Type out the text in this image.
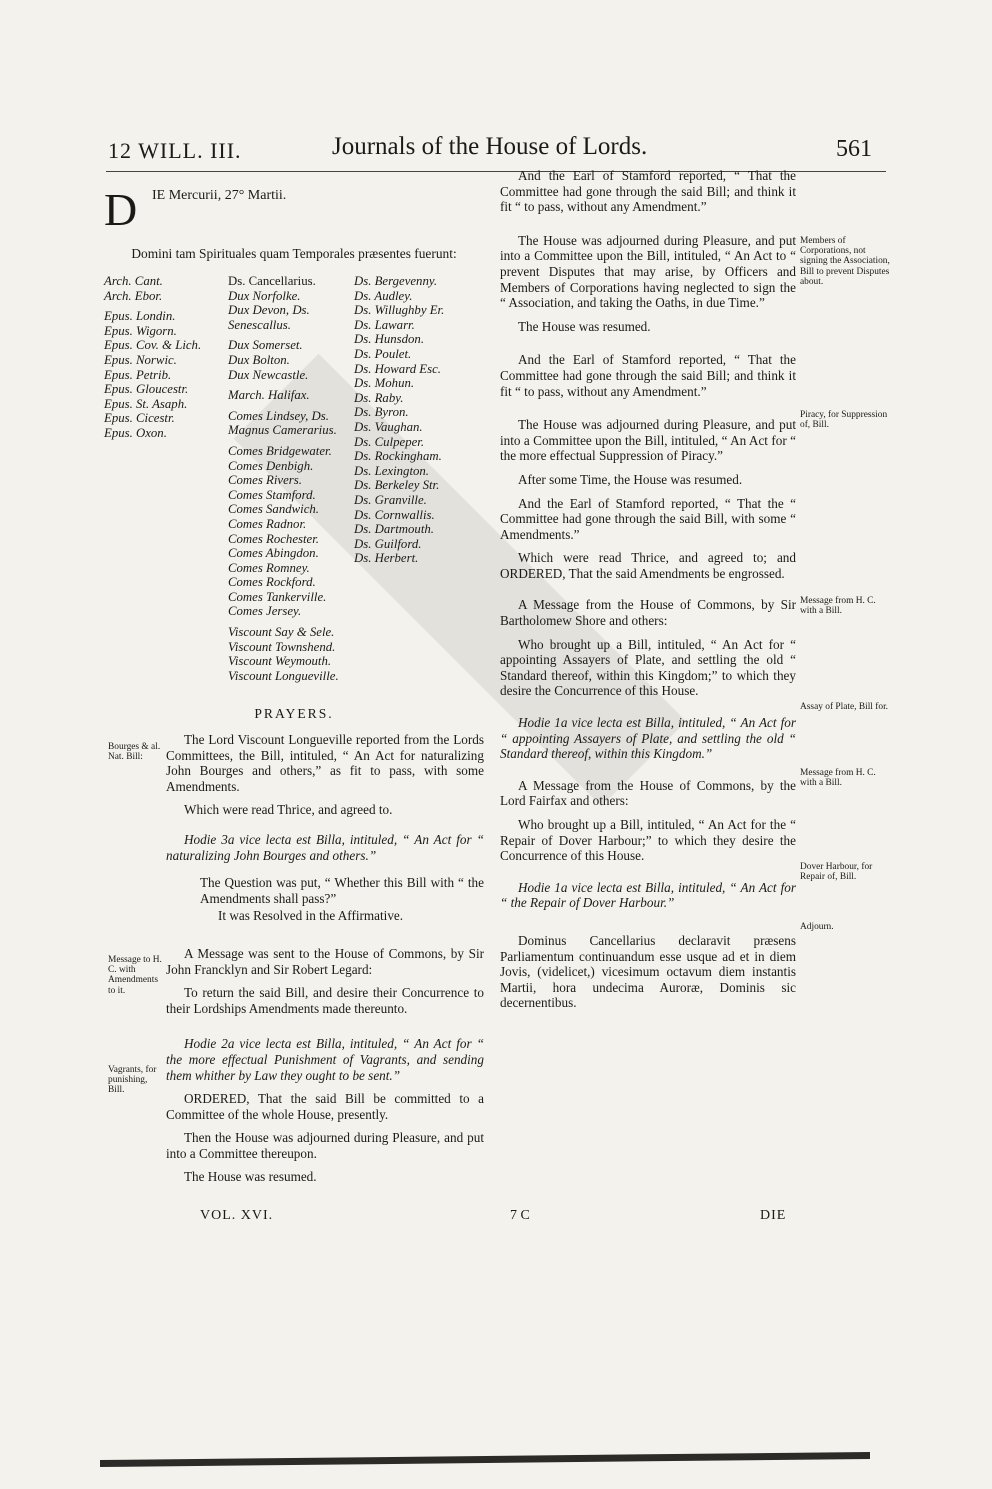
12 WILL. III.	Journals of the House of Lords.	561
D IE Mercurii, 27° Martii.
Domini tam Spirituales quam Temporales præsentes fuerunt:
Arch. Cant.
Arch. Ebor.
Epus. Londin.
Epus. Wigorn.
Epus. Cov. & Lich.
Epus. Norwic.
Epus. Petrib.
Epus. Gloucestr.
Epus. St. Asaph.
Epus. Cicestr.
Epus. Oxon.
Ds. Cancellarius.
Dux Norfolke.
Dux Devon, Ds. Senescallus.
Dux Somerset.
Dux Bolton.
Dux Newcastle.
March. Halifax.
Comes Lindsey, Ds. Magnus Camerarius.
Comes Bridgewater.
Comes Denbigh.
Comes Rivers.
Comes Stamford.
Comes Sandwich.
Comes Radnor.
Comes Rochester.
Comes Abingdon.
Comes Romney.
Comes Rockford.
Comes Tankerville.
Comes Jersey.
Viscount Say & Sele.
Viscount Townshend.
Viscount Weymouth.
Viscount Longueville.
Ds. Bergevenny.
Ds. Audley.
Ds. Willughby Er.
Ds. Lawarr.
Ds. Hunsdon.
Ds. Poulet.
Ds. Howard Esc.
Ds. Mohun.
Ds. Raby.
Ds. Byron.
Ds. Vaughan.
Ds. Culpeper.
Ds. Rockingham.
Ds. Lexington.
Ds. Berkeley Str.
Ds. Granville.
Ds. Cornwallis.
Ds. Dartmouth.
Ds. Guilford.
Ds. Herbert.
PRAYERS.

The Lord Viscount Longueville reported from the Lords Committees, the Bill, intituled, “ An Act for naturalizing John Bourges and others,” as fit to pass, with some Amendments.

Which were read Thrice, and agreed to.

Hodie 3a vice lecta est Billa, intituled, “ An Act for “ naturalizing John Bourges and others.”

The Question was put, “ Whether this Bill with “ the Amendments shall pass?”

It was Resolved in the Affirmative.

A Message was sent to the House of Commons, by Sir John Francklyn and Sir Robert Legard:

To return the said Bill, and desire their Concurrence to their Lordships Amendments made thereunto.

Hodie 2a vice lecta est Billa, intituled, “ An Act for “ the more effectual Punishment of Vagrants, and sending them whither by Law they ought to be sent.”

ORDERED, That the said Bill be committed to a Committee of the whole House, presently.

Then the House was adjourned during Pleasure, and put into a Committee thereupon.

The House was resumed.

Bourges & al. Nat. Bill:
Message to H. C. with Amendments to it.
Vagrants, for punishing, Bill.

And the Earl of Stamford reported, “ That the Committee had gone through the said Bill; and think it fit “ to pass, without any Amendment.”

The House was adjourned during Pleasure, and put into a Committee upon the Bill, intituled, “ An Act to “ prevent Disputes that may arise, by Officers and Members of Corporations having neglected to sign the “ Association, and taking the Oaths, in due Time.”

The House was resumed.

And the Earl of Stamford reported, “ That the Committee had gone through the said Bill; and think it fit “ to pass, without any Amendment.”

The House was adjourned during Pleasure, and put into a Committee upon the Bill, intituled, “ An Act for “ the more effectual Suppression of Piracy.”

After some Time, the House was resumed.

And the Earl of Stamford reported, “ That the “ Committee had gone through the said Bill, with some “ Amendments.”

Which were read Thrice, and agreed to; and ORDERED, That the said Amendments be engrossed.

A Message from the House of Commons, by Sir Bartholomew Shore and others:

Who brought up a Bill, intituled, “ An Act for “ appointing Assayers of Plate, and settling the old “ Standard thereof, within this Kingdom;” to which they desire the Concurrence of this House.

Hodie 1a vice lecta est Billa, intituled, “ An Act for “ appointing Assayers of Plate, and settling the old “ Standard thereof, within this Kingdom.”

A Message from the House of Commons, by the Lord Fairfax and others:

Who brought up a Bill, intituled, “ An Act for the “ Repair of Dover Harbour;” to which they desire the Concurrence of this House.

Hodie 1a vice lecta est Billa, intituled, “ An Act for “ the Repair of Dover Harbour.”

Dominus Cancellarius declaravit præsens Parliamentum continuandum esse usque ad et in diem Jovis, (videlicet,) vicesimum octavum diem instantis Martii, hora undecima Auroræ, Dominis sic decernentibus.

Members of Corporations, not signing the Association, Bill to prevent Disputes about.
Piracy, for Suppression of, Bill.
Message from H. C. with a Bill.
Assay of Plate, Bill for.
Message from H. C. with a Bill.
Dover Harbour, for Repair of, Bill.
Adjourn.
VOL. XVI.	7 C	DIE
